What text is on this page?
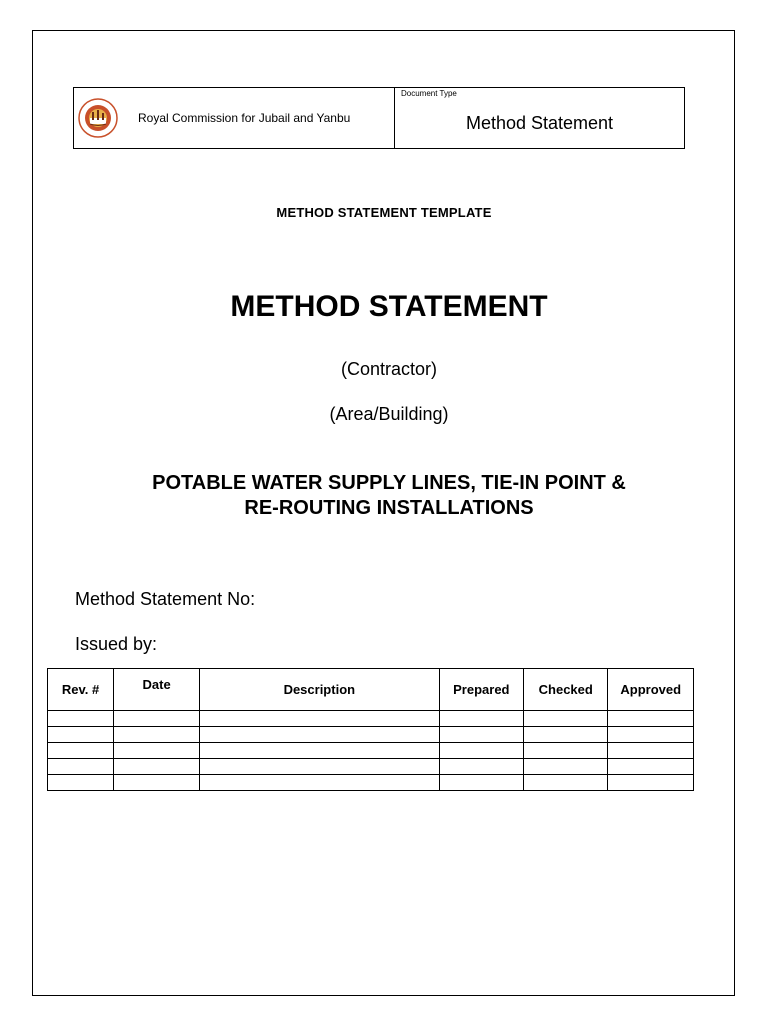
Royal Commission for Jubail and Yanbu
Document Type
Method Statement
METHOD STATEMENT TEMPLATE
METHOD STATEMENT
(Contractor)
(Area/Building)
POTABLE WATER SUPPLY LINES, TIE-IN POINT &
RE-ROUTING INSTALLATIONS
Method Statement No:
Issued by:
Rev. #	Date	Description	Prepared	Checked	Approved
